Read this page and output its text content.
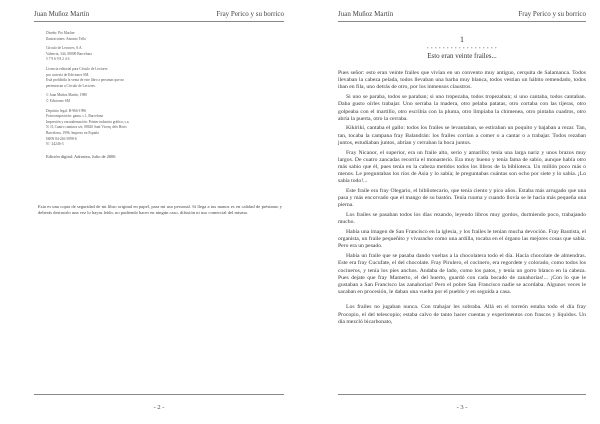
Juan Muñoz Martín	Fray Perico y su borrico
Diseño: Pio Macher
Ilustraciones: Antonio Tello
Círculo de Lectores, S.A.
Valencia, 344, 08009 Barcelona
5 7 9 6 9 8 2 4 6
Licencia editorial para Círculo de Lectores
por cortesía de Ediciones SM.
Está prohibida la venta de este libro a personas que no
pertenezcan a Círculo de Lectores.
© Juan Muñoz Martín, 1980
© Ediciones SM
Depósito legal: B-966-1996
Fotocomposición: gama, s.l., Barcelona
Impresión y encuadernación: Printer industria gráfica, s.a.
N. II, Cuatro caminos s/n, 08620 Sant Vicenç dels Horts
Barcelona, 1996. Impreso en España
ISBN 84-226-5998-6
N.º 24246-3
Edición digital: Adrastea, Julio de 2006
Esta es una copia de seguridad de mi libro original en papel, para mi uso personal. Si llega a tus manos es en calidad de préstamo y deberás destruirlo una vez lo hayas leído, no pudiendo hacer en ningún caso, difusión ni uso comercial del mismo.
- 2 -
Juan Muñoz Martín	Fray Perico y su borrico
1
* * * * * * * * * * * * * * * * * *
Esto eran veinte frailes...

Pues señor: esto eran veinte frailes que vivían en un convento muy antiguo, cerquita de Salamanca. Todos llevaban la cabeza pelada, todos llevaban una barba muy blanca, todos vestían un hábito remendado, todos iban en fila, uno detrás de otro, por los inmensos claustros.

Si uno se paraba, todos se paraban; si uno tropezaba, todos tropezaban; si uno cantaba, todos cantaban. Daba gusto oírles trabajar. Uno serraba la madera, otro pelaba patatas, otro cortaba con las tijeras, otro golpeaba con el martillo, otro escribía con la pluma, otro limpiaba la chimenea, otro pintaba cuadros, otro abría la puerta, otro la cerraba.

Kikirikí, cantaba el gallo: todos los frailes se levantaban, se estiraban un poquito y bajaban a rezar. Tan, tan, tocaba la campana fray Balandrán: los frailes corrían a comer o a cantar o a trabajar. Todos rezaban juntos, estudiaban juntos, abrían y cerraban la boca juntos.

Fray Nicanor, el superior, era un fraile alto, serio y amarillo; tenía una larga nariz y unos brazos muy largos. De cuatro zancadas recorría el monasterio. Era muy bueno y tenía fama de sabio, aunque había otro más sabio que él, pues tenía en la cabeza metidos todos los libros de la biblioteca. Un millón poco más o menos. Le preguntabas los ríos de Asia y lo sabía; le preguntabas cuántas son ocho por siete y lo sabía. ¡Lo sabía todo!...

Este fraile era fray Olegario, el bibliotecario, que tenía ciento y pico años. Estaba más arrugado que una pasa y más encorvado que el mango de su bastón. Tenía ruuma y cuando llovía se le hacía más pequeña una pierna.

Los frailes se pasaban todos los días rezando, leyendo libros muy gordos, durmiendo poco, trabajando mucho.

Había una imagen de San Francisco en la iglesia, y los frailes le tenían mucha devoción. Fray Bautista, el organista, un fraile pequeñito y vivaracho como una ardilla, tocaba en el órgano las mejores cosas que sabía. Pero era un pesado.

Había un fraile que se pasaba dando vueltas a la chocolatera todo el día. Hacía chocolate de almendras. Este era fray Cucufate, el del chocolate. Fray Pirulero, el cocinero, era regordete y colorado, como todos los cocineros, y tenía los pies anchos. Andaba de lado, como los patos, y tenía un gorro blanco en la cabeza. Pues dejate que fray Mamerto, el del huerto, guardó con cada bocado de zanahorias!... ¡Con lo que le gustaban a San Francisco las zanahorias! Pero el pobre San Francisco nadie se acordaba. Algunos veces le sacaban en procesión, le daban una vuelta por el pueblo y en seguida a casa.

Los frailes no jugaban nunca. Con trabajar les sobraba. Allá en el torreón estaba todo el día fray Procopio, el del telescopio; estaba calvo de tanto hacer cuentas y experimentos con frascos y líquidos. Un día mezcló bicarbonato,

- 3 -
